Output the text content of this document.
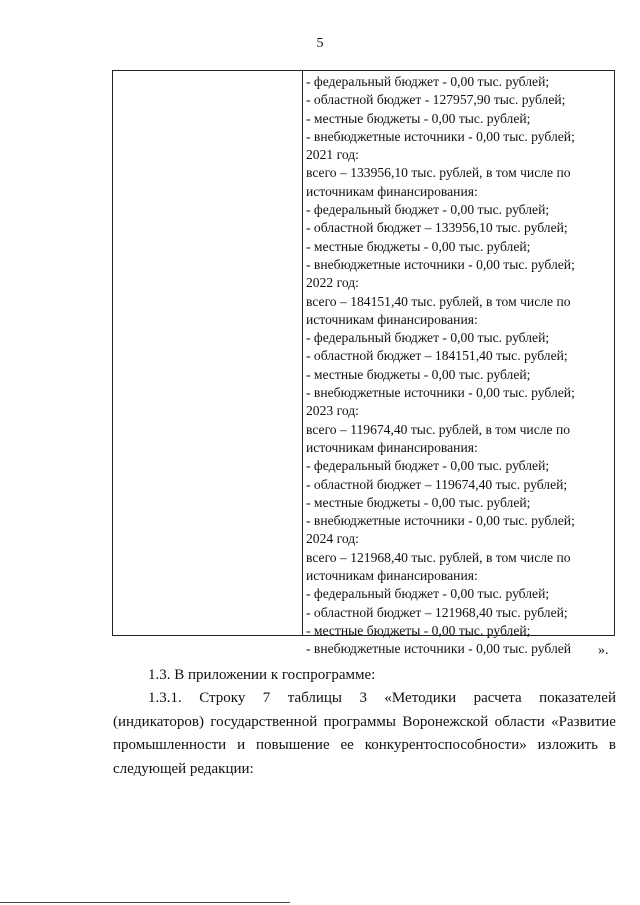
5
- федеральный бюджет - 0,00 тыс. рублей;
- областной бюджет - 127957,90 тыс. рублей;
- местные бюджеты - 0,00 тыс. рублей;
- внебюджетные источники - 0,00 тыс. рублей;
2021 год:
всего – 133956,10 тыс. рублей, в том числе по
источникам финансирования:
- федеральный бюджет - 0,00 тыс. рублей;
- областной бюджет – 133956,10 тыс. рублей;
- местные бюджеты - 0,00 тыс. рублей;
- внебюджетные источники - 0,00 тыс. рублей;
2022 год:
всего – 184151,40 тыс. рублей, в том числе по
источникам финансирования:
- федеральный бюджет - 0,00 тыс. рублей;
- областной бюджет – 184151,40 тыс. рублей;
- местные бюджеты - 0,00 тыс. рублей;
- внебюджетные источники - 0,00 тыс. рублей;
2023 год:
всего – 119674,40 тыс. рублей, в том числе по
источникам финансирования:
- федеральный бюджет - 0,00 тыс. рублей;
- областной бюджет – 119674,40 тыс. рублей;
- местные бюджеты - 0,00 тыс. рублей;
- внебюджетные источники - 0,00 тыс. рублей;
2024 год:
всего – 121968,40 тыс. рублей, в том числе по
источникам финансирования:
- федеральный бюджет - 0,00 тыс. рублей;
- областной бюджет – 121968,40 тыс. рублей;
- местные бюджеты - 0,00 тыс. рублей;
- внебюджетные источники - 0,00 тыс. рублей	».
1.3. В приложении к госпрограмме:
1.3.1. Строку 7 таблицы 3 «Методики расчета показателей
(индикаторов) государственной программы Воронежской области «Развитие
промышленности и повышение ее конкурентоспособности» изложить в
следующей редакции:
